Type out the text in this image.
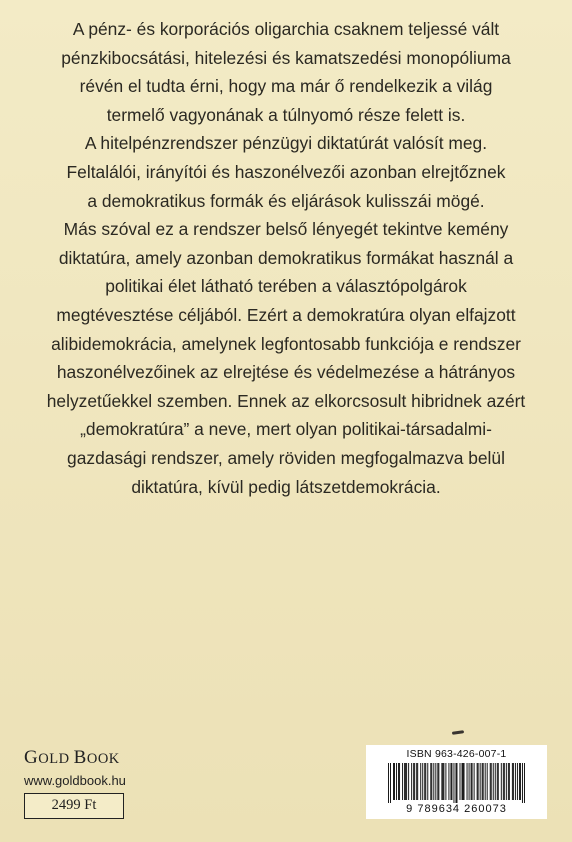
A pénz- és korporációs oligarchia csaknem teljessé vált
pénzkibocsátási, hitelezési és kamatszedési monopóliuma
révén el tudta érni, hogy ma már ő rendelkezik a világ
termelő vagyonának a túlnyomó része felett is.
A hitelpénzrendszer pénzügyi diktatúrát valósít meg.
Feltalálói, irányítói és haszonélvezői azonban elrejtőznek
a demokratikus formák és eljárások kulisszái mögé.
Más szóval ez a rendszer belső lényegét tekintve kemény
diktatúra, amely azonban demokratikus formákat használ a
politikai élet látható terében a választópolgárok
megtévesztése céljából. Ezért a demokratúra olyan elfajzott
alibidemokrácia, amelynek legfontosabb funkciója e rendszer
haszonélvezőinek az elrejtése és védelmezése a hátrányos
helyzetűekkel szemben. Ennek az elkorcsosult hibridnek azért
„demokratúra” a neve, mert olyan politikai-társadalmi-
gazdasági rendszer, amely röviden megfogalmazva belül
diktatúra, kívül pedig látszetdemokrácia.

GOLD BOOK
www.goldbook.hu
2499 Ft
ISBN 963-426-007-1
9 789634 260073
